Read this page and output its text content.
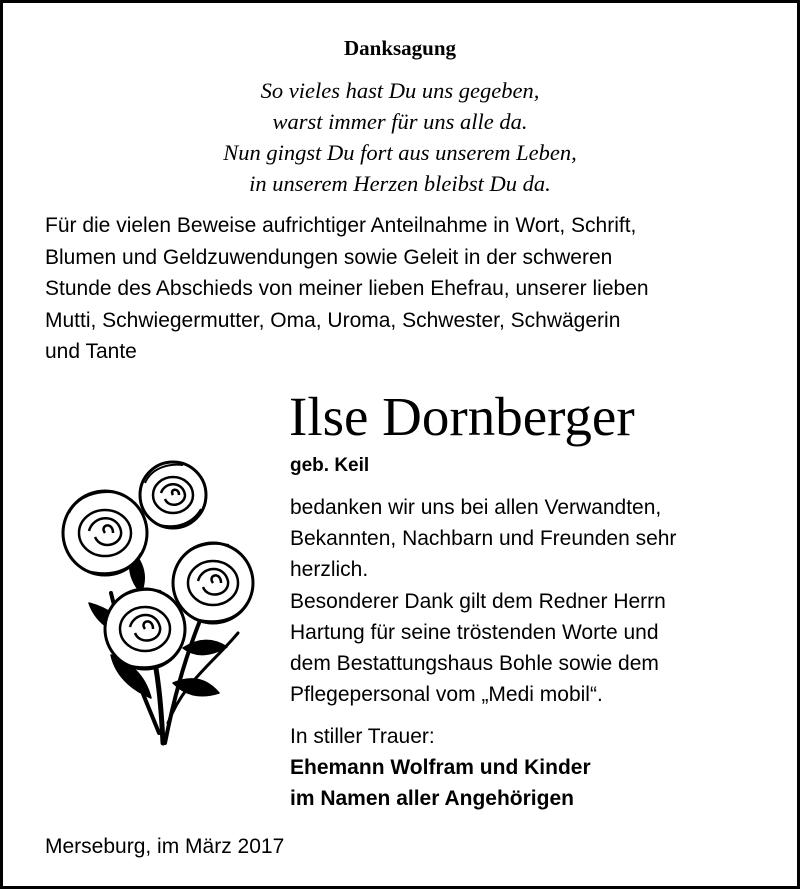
Danksagung
So vieles hast Du uns gegeben,
warst immer für uns alle da.
Nun gingst Du fort aus unserem Leben,
in unserem Herzen bleibst Du da.
Für die vielen Beweise aufrichtiger Anteilnahme in Wort, Schrift,
Blumen und Geldzuwendungen sowie Geleit in der schweren
Stunde des Abschieds von meiner lieben Ehefrau, unserer lieben
Mutti, Schwiegermutter, Oma, Uroma, Schwester, Schwägerin
und Tante
Ilse Dornberger
geb. Keil
bedanken wir uns bei allen Verwandten,
Bekannten, Nachbarn und Freunden sehr
herzlich.
Besonderer Dank gilt dem Redner Herrn
Hartung für seine tröstenden Worte und
dem Bestattungshaus Bohle sowie dem
Pflegepersonal vom „Medi mobil“.
In stiller Trauer:
Ehemann Wolfram und Kinder
im Namen aller Angehörigen
Merseburg, im März 2017
